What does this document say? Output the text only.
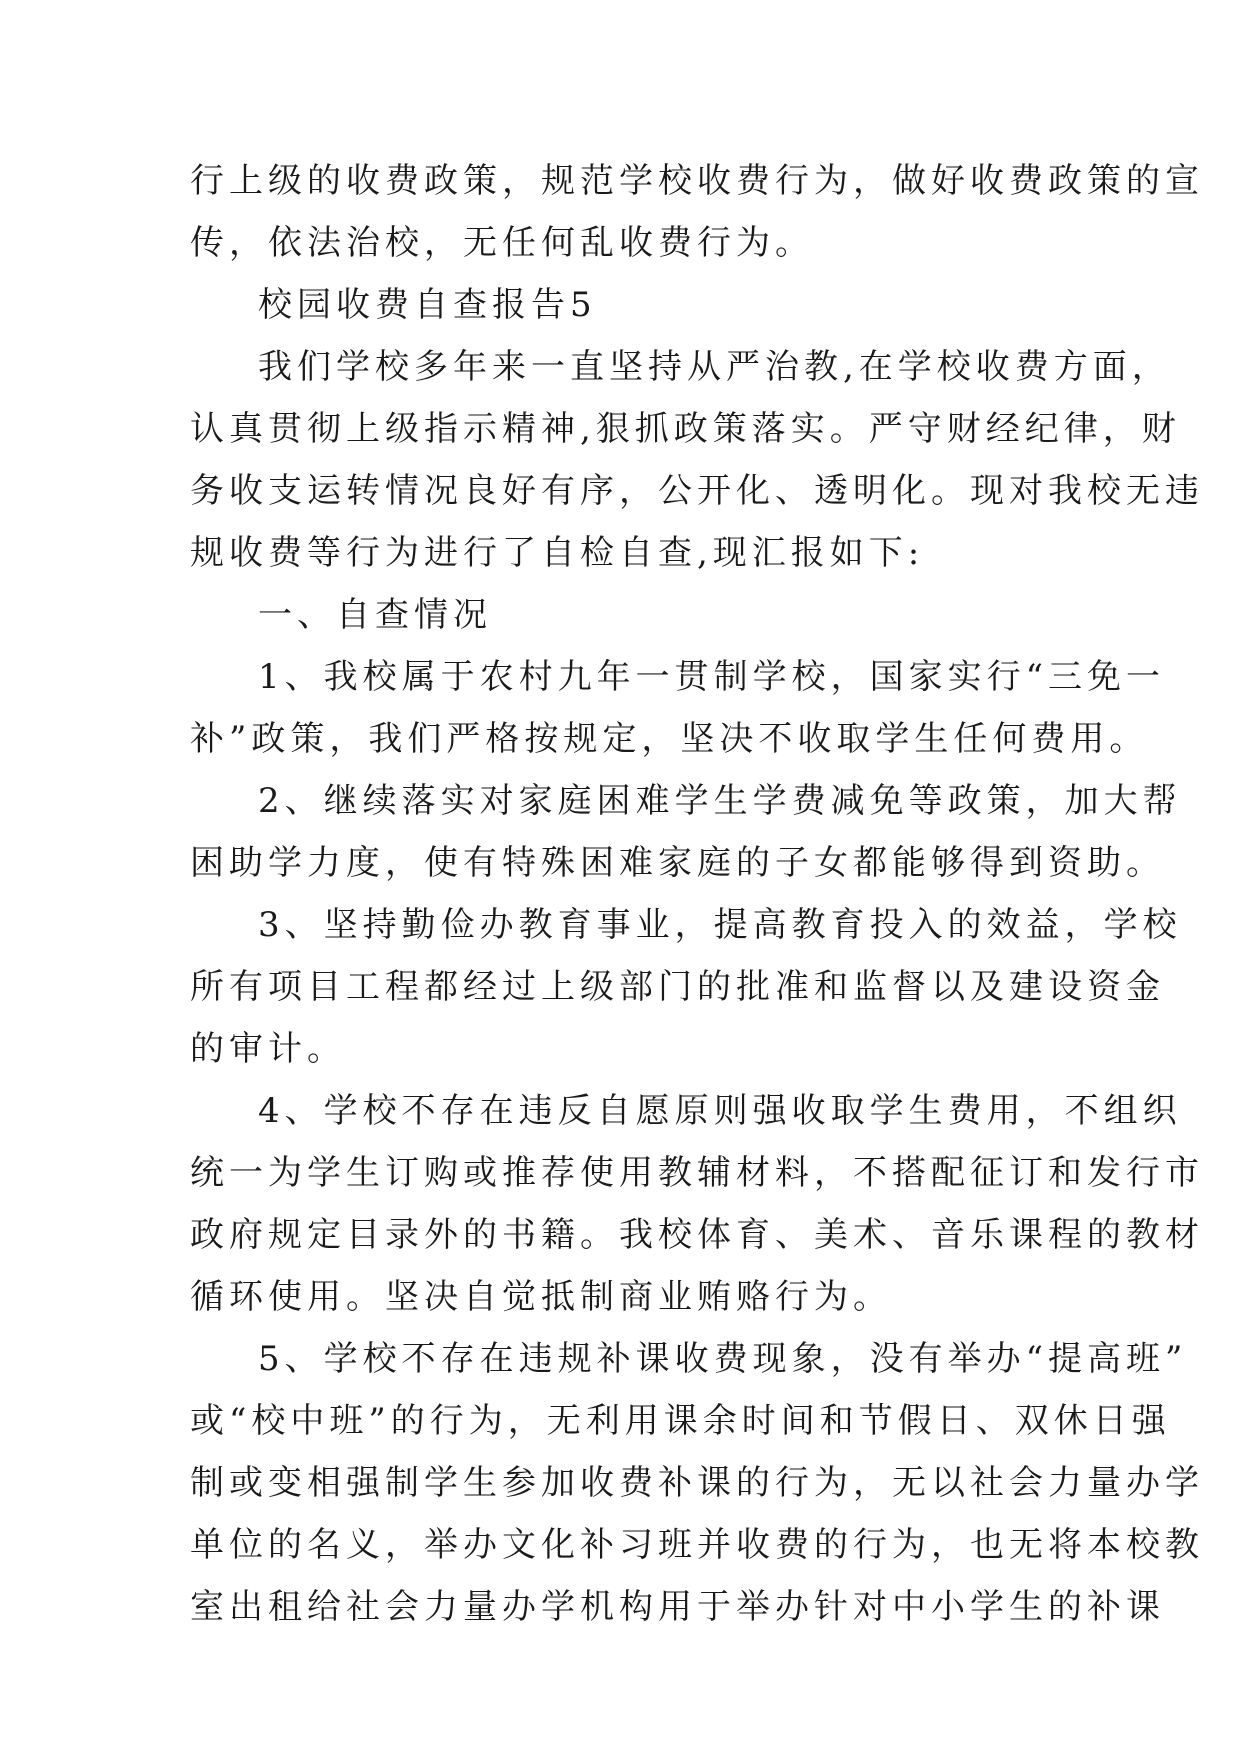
行上级的收费政策，规范学校收费行为，做好收费政策的宣
传，依法治校，无任何乱收费行为。
校园收费自查报告5
我们学校多年来一直坚持从严治教,在学校收费方面，
认真贯彻上级指示精神,狠抓政策落实。严守财经纪律，财
务收支运转情况良好有序，公开化、透明化。现对我校无违
规收费等行为进行了自检自查,现汇报如下:
一、自查情况
1、我校属于农村九年一贯制学校，国家实行“三免一
补”政策，我们严格按规定，坚决不收取学生任何费用。
2、继续落实对家庭困难学生学费减免等政策，加大帮
困助学力度，使有特殊困难家庭的子女都能够得到资助。
3、坚持勤俭办教育事业，提高教育投入的效益，学校
所有项目工程都经过上级部门的批准和监督以及建设资金
的审计。
4、学校不存在违反自愿原则强收取学生费用，不组织
统一为学生订购或推荐使用教辅材料，不搭配征订和发行市
政府规定目录外的书籍。我校体育、美术、音乐课程的教材
循环使用。坚决自觉抵制商业贿赂行为。
5、学校不存在违规补课收费现象，没有举办“提高班”
或“校中班”的行为，无利用课余时间和节假日、双休日强
制或变相强制学生参加收费补课的行为，无以社会力量办学
单位的名义，举办文化补习班并收费的行为，也无将本校教
室出租给社会力量办学机构用于举办针对中小学生的补课
